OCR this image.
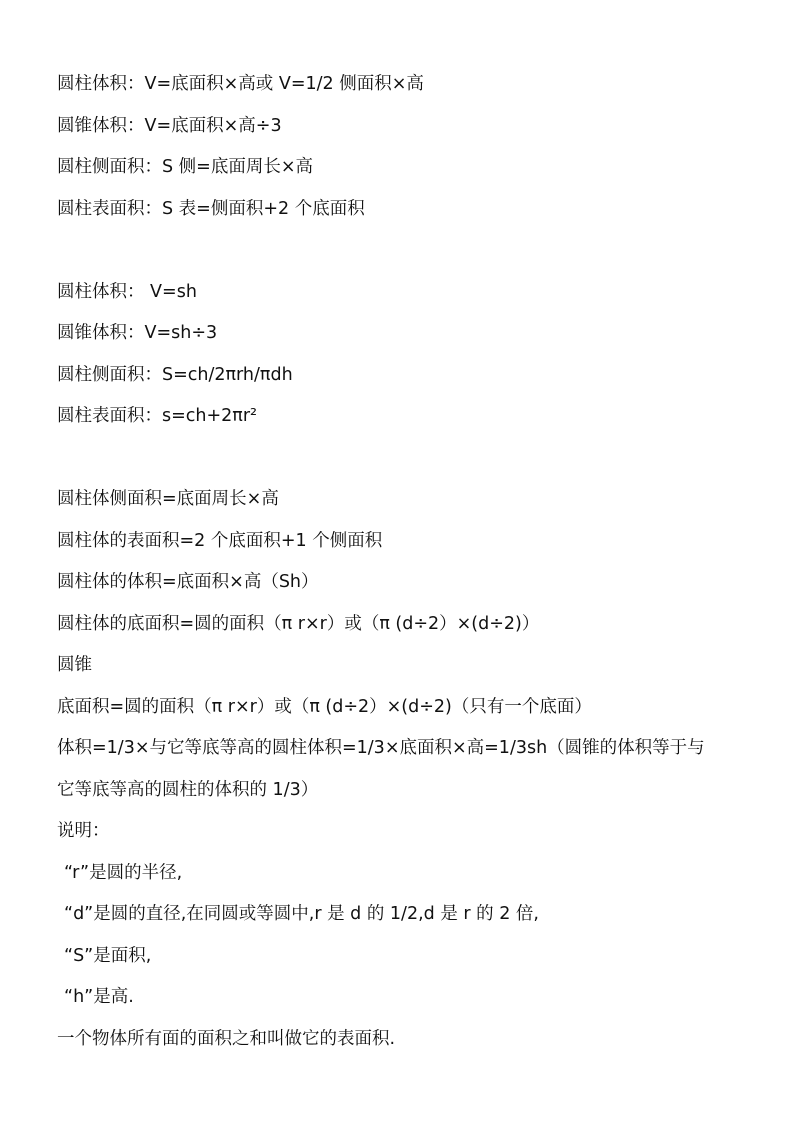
圆柱体积：V=底面积×高或 V=1/2 侧面积×高
圆锥体积：V=底面积×高÷3
圆柱侧面积：S 侧=底面周长×高
圆柱表面积：S 表=侧面积+2 个底面积
圆柱体积： V=sh
圆锥体积：V=sh÷3
圆柱侧面积：S=ch/2πrh/πdh
圆柱表面积：s=ch+2πr²
圆柱体侧面积=底面周长×高
圆柱体的表面积=2 个底面积+1 个侧面积
圆柱体的体积=底面积×高（Sh）
圆柱体的底面积=圆的面积（π r×r）或（π (d÷2）×(d÷2)）
圆锥
底面积=圆的面积（π r×r）或（π (d÷2）×(d÷2)（只有一个底面）
体积=1/3×与它等底等高的圆柱体积=1/3×底面积×高=1/3sh（圆锥的体积等于与
它等底等高的圆柱的体积的 1/3）
说明：
“r”是圆的半径,
“d”是圆的直径,在同圆或等圆中,r 是 d 的 1/2,d 是 r 的 2 倍,
“S”是面积,
“h”是高.
一个物体所有面的面积之和叫做它的表面积.
